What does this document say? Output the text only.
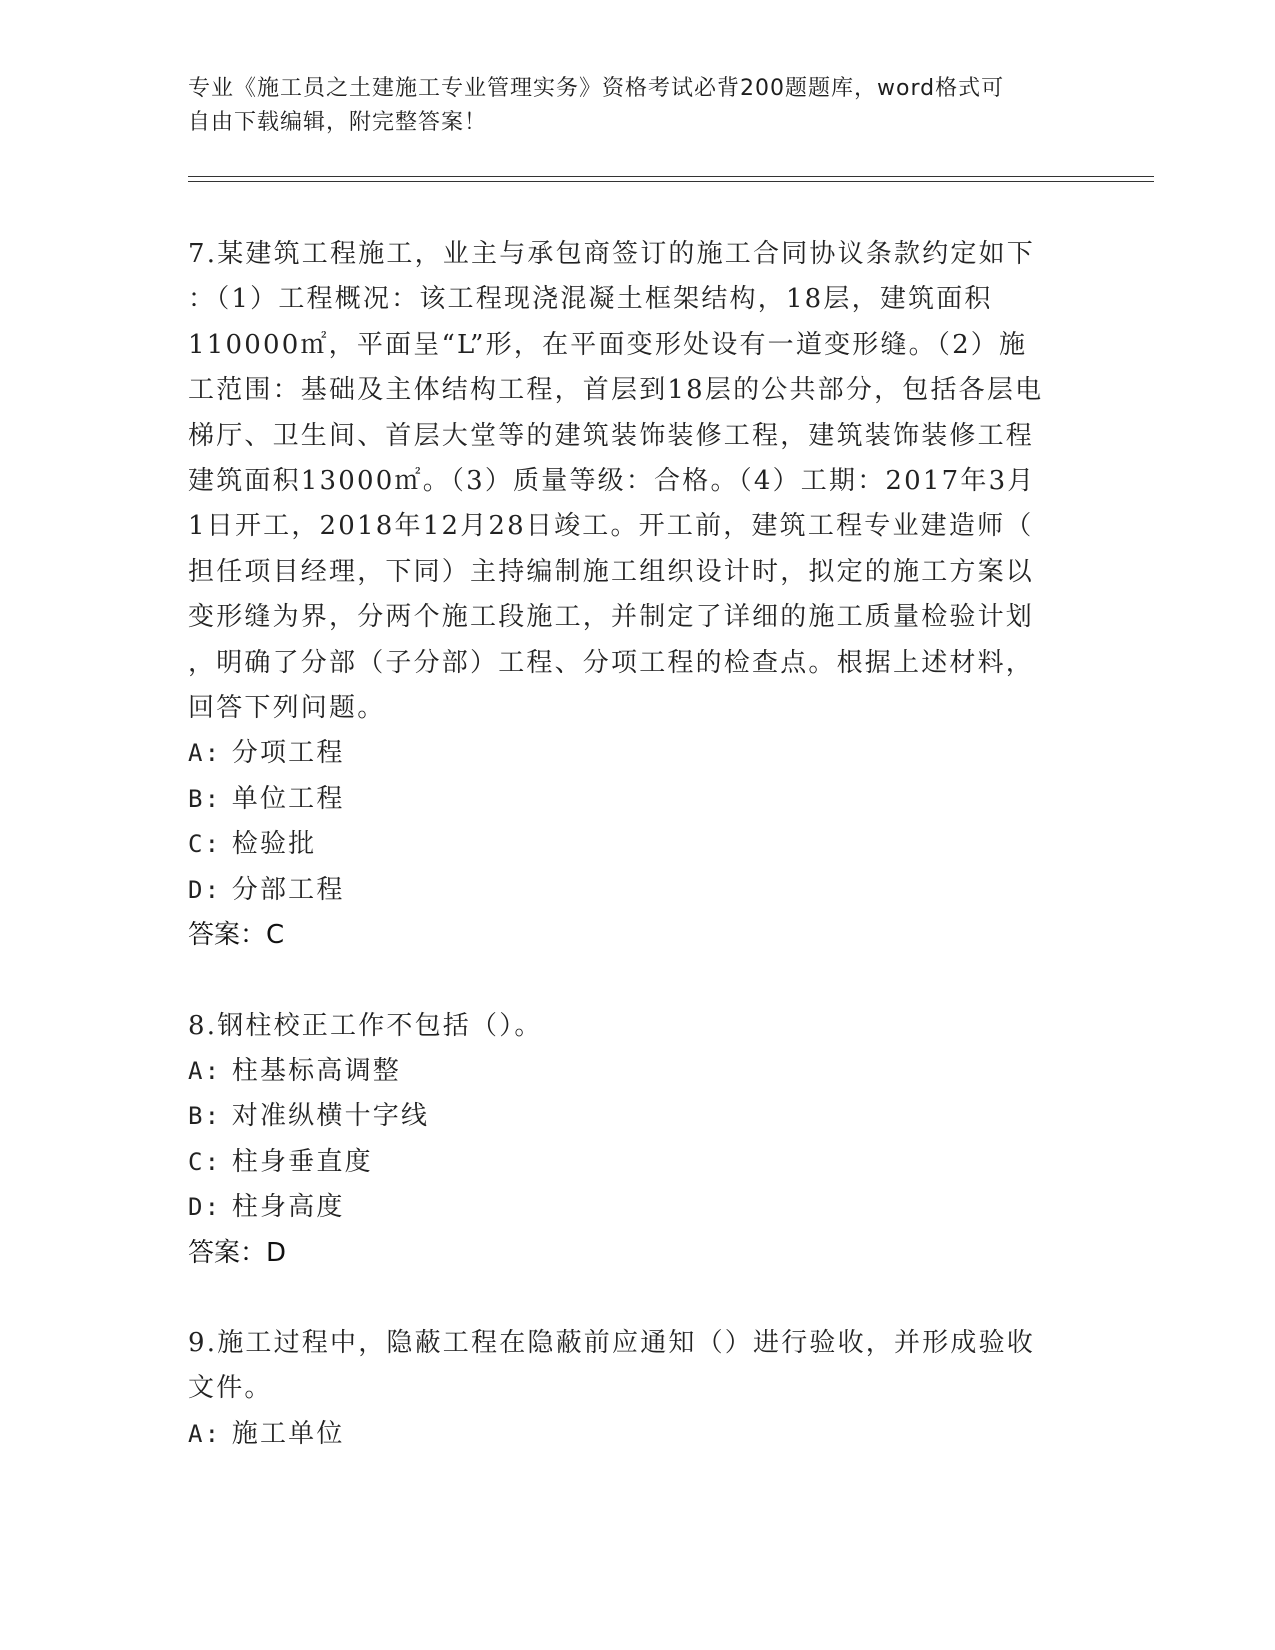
专业《施工员之土建施工专业管理实务》资格考试必背200题题库，word格式可
自由下载编辑，附完整答案！

7.某建筑工程施工，业主与承包商签订的施工合同协议条款约定如下

：（1）工程概况：该工程现浇混凝土框架结构，18层，建筑面积

110000㎡，平面呈“L”形，在平面变形处设有一道变形缝。（2）施

工范围：基础及主体结构工程，首层到18层的公共部分，包括各层电

梯厅、卫生间、首层大堂等的建筑装饰装修工程，建筑装饰装修工程

建筑面积13000㎡。（3）质量等级：合格。（4）工期：2017年3月

1日开工，2018年12月28日竣工。开工前，建筑工程专业建造师（

担任项目经理，下同）主持编制施工组织设计时，拟定的施工方案以

变形缝为界，分两个施工段施工，并制定了详细的施工质量检验计划

，明确了分部（子分部）工程、分项工程的检查点。根据上述材料，

回答下列问题。

A: 分项工程

B: 单位工程

C: 检验批

D: 分部工程

答案：C

8.钢柱校正工作不包括（）。

A: 柱基标高调整

B: 对准纵横十字线

C: 柱身垂直度

D: 柱身高度

答案：D

9.施工过程中，隐蔽工程在隐蔽前应通知（）进行验收，并形成验收

文件。

A: 施工单位
